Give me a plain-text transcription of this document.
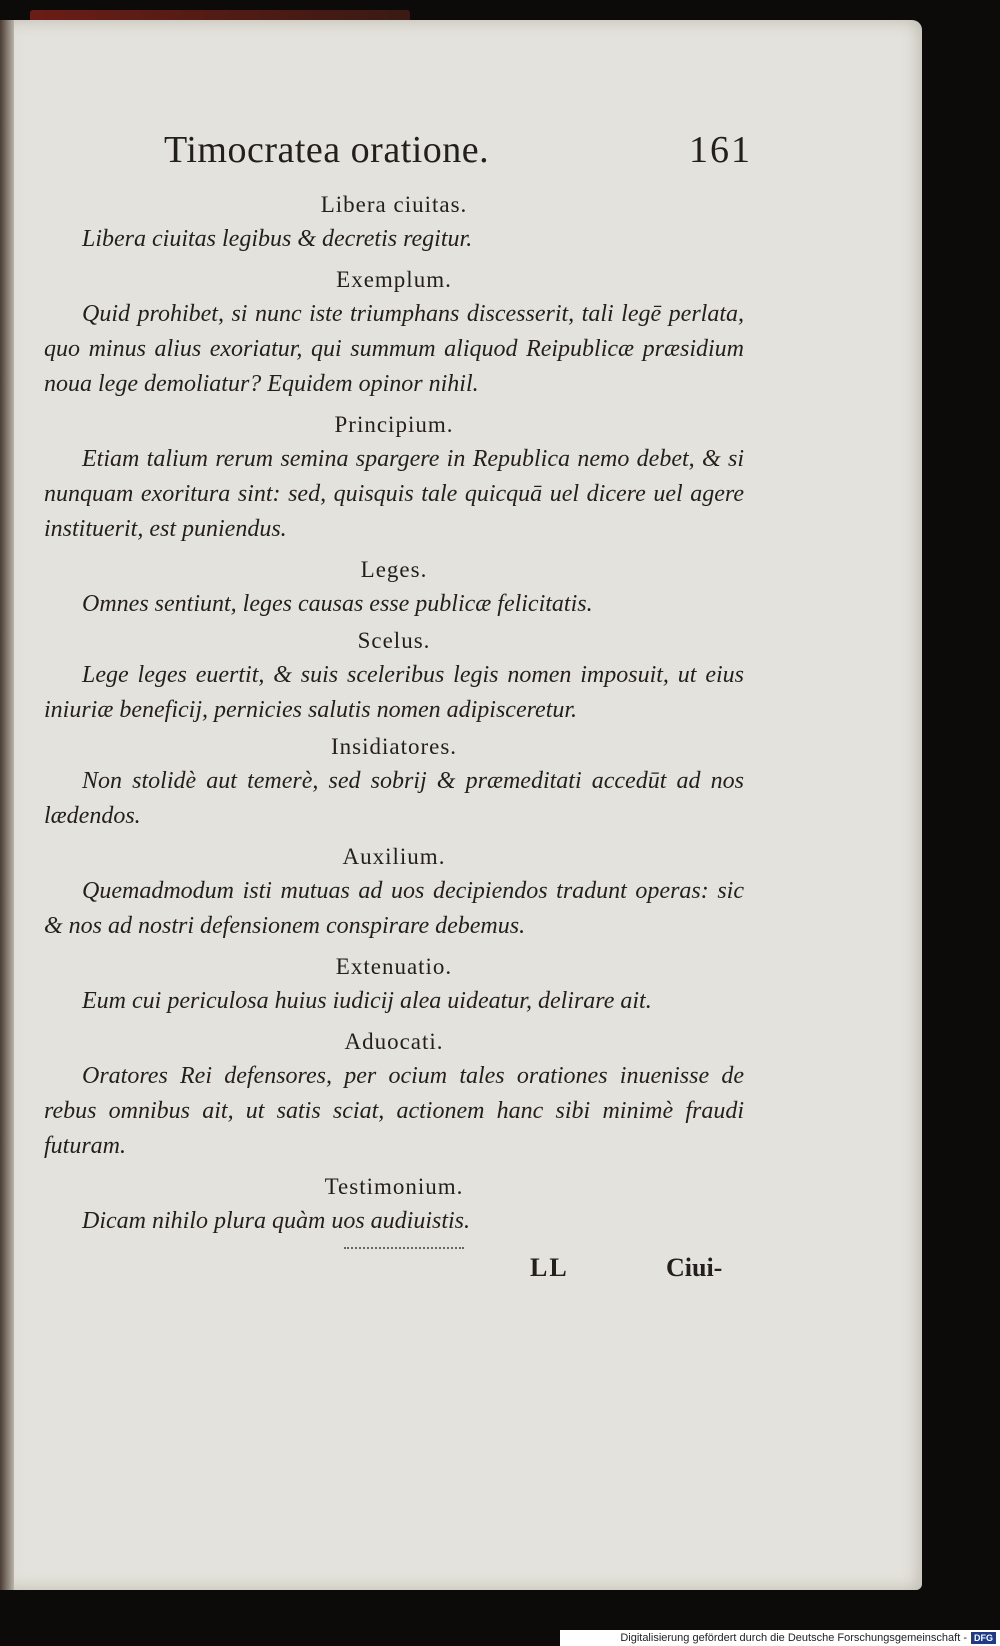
Timocratea oratione.	161

Libera ciuitas.

Libera ciuitas legibus & decretis regitur.

Exemplum.

Quid prohibet, si nunc iste triumphans discesserit, tali legē perlata, quo minus alius exoriatur, qui summum aliquod Reipublicæ præsidium noua lege demoliatur? Equidem opinor nihil.

Principium.

Etiam talium rerum semina spargere in Republica nemo debet, & si nunquam exoritura sint: sed, quisquis tale quicquā uel dicere uel agere instituerit, est puniendus.

Leges.

Omnes sentiunt, leges causas esse publicæ felicitatis.

Scelus.

Lege leges euertit, & suis sceleribus legis nomen imposuit, ut eius iniuriæ beneficij, pernicies salutis nomen adipisceretur.

Insidiatores.

Non stolidè aut temerè, sed sobrij & præmeditati accedūt ad nos lædendos.

Auxilium.

Quemadmodum isti mutuas ad uos decipiendos tradunt operas: sic & nos ad nostri defensionem conspirare debemus.

Extenuatio.

Eum cui periculosa huius iudicij alea uideatur, delirare ait.

Aduocati.

Oratores Rei defensores, per ocium tales orationes inuenisse de rebus omnibus ait, ut satis sciat, actionem hanc sibi minimè fraudi futuram.

Testimonium.

Dicam nihilo plura quàm uos audiuistis.

LL	Ciui-
Digitalisierung gefördert durch die Deutsche Forschungsgemeinschaft - DFG
